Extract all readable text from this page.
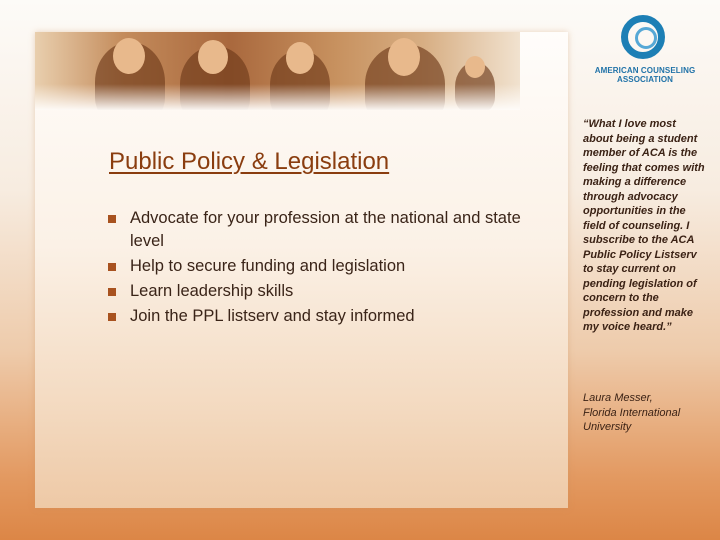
AMERICAN COUNSELING
ASSOCIATION
Public Policy & Legislation
Advocate for your profession at the national and state level
Help to secure funding and legislation
Learn leadership skills
Join the PPL listserv and stay informed

“What I love most about being a student member of ACA is the feeling that comes with making a difference through advocacy opportunities in the field of counseling. I subscribe to the ACA Public Policy Listserv to stay current on pending legislation of concern to the profession and make my voice heard.”

Laura Messer,
Florida International University
